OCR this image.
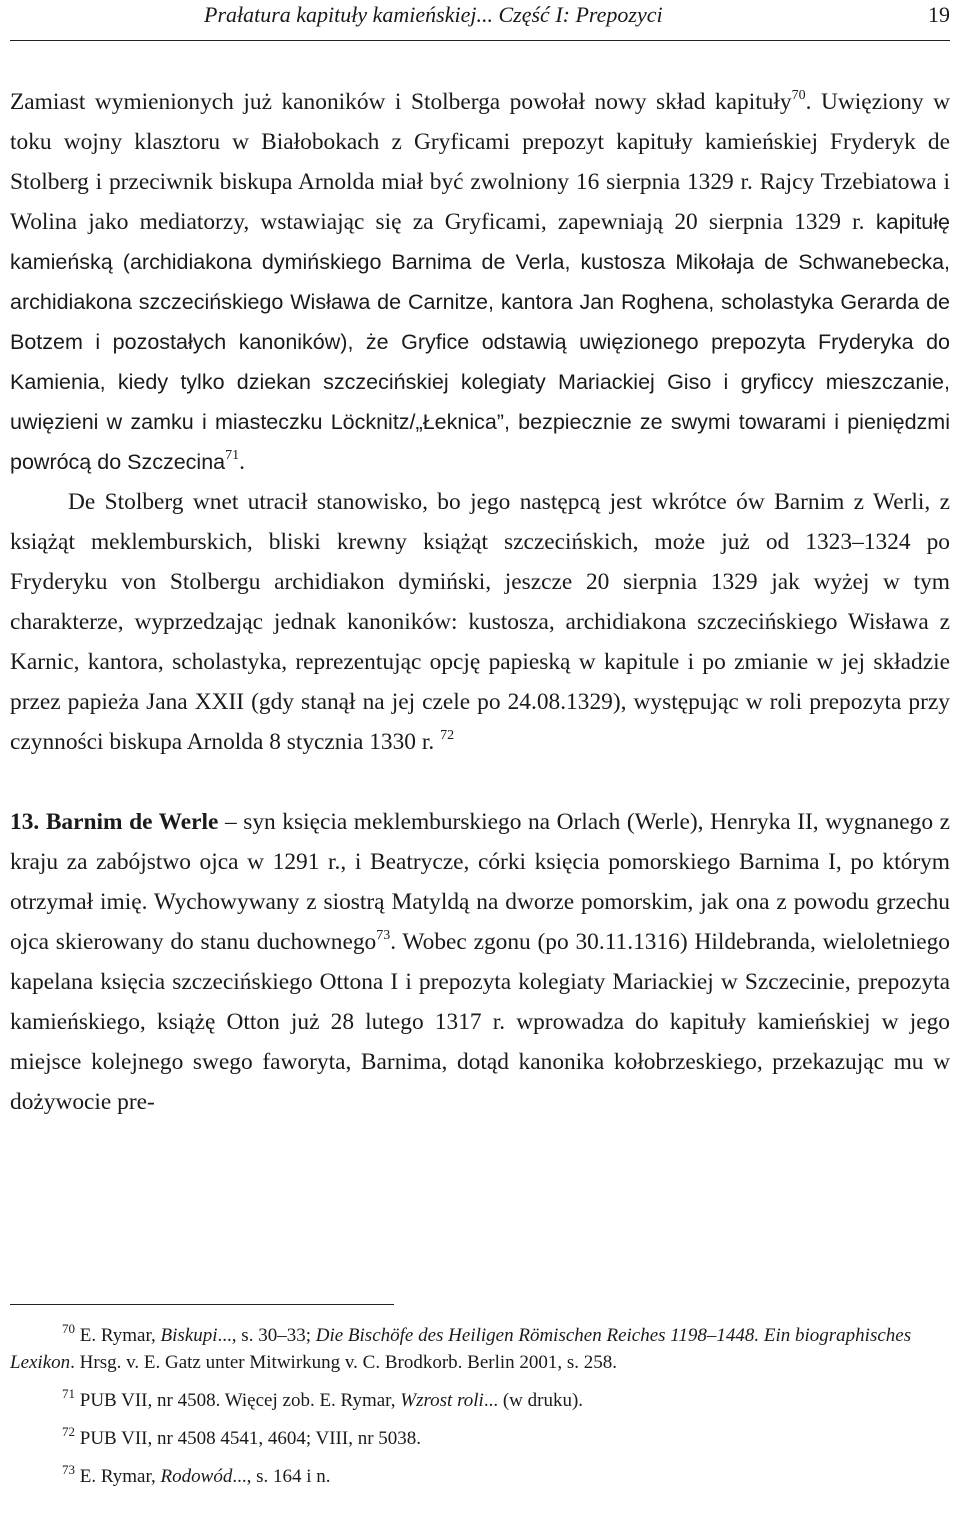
Prałatura kapituły kamieńskiej... Część I: Prepozyci	19

Zamiast wymienionych już kanoników i Stolberga powołał nowy skład kapituły$^{70}$. Uwięziony w toku wojny klasztoru w Białobokach z Gryficami prepozyt kapituły kamieńskiej Fryderyk de Stolberg i przeciwnik biskupa Arnolda miał być zwolniony 16 sierpnia 1329 r. Rajcy Trzebiatowa i Wolina jako mediatorzy, wstawiając się za Gryficami, zapewniają 20 sierpnia 1329 r. kapitułę kamieńską (archidiakona dymińskiego Barnima de Verla, kustosza Mikołaja de Schwanebecka, archidiakona szczecińskiego Wisława de Carnitze, kantora Jan Roghena, scholastyka Gerarda de Botzem i pozostałych kanoników), że Gryfice odstawią uwięzionego prepozyta Fryderyka do Kamienia, kiedy tylko dziekan szczecińskiej kolegiaty Mariackiej Giso i gryficcy mieszczanie, uwięzieni w zamku i miasteczku Löcknitz/„Łeknica”, bezpiecznie ze swymi towarami i pieniędzmi powrócą do Szczecina$^{71}$.

De Stolberg wnet utracił stanowisko, bo jego następcą jest wkrótce ów Barnim z Werli, z książąt meklemburskich, bliski krewny książąt szczecińskich, może już od 1323–1324 po Fryderyku von Stolbergu archidiakon dymiński, jeszcze 20 sierpnia 1329 jak wyżej w tym charakterze, wyprzedzając jednak kanoników: kustosza, archidiakona szczecińskiego Wisława z Karnic, kantora, scholastyka, reprezentując opcję papieską w kapitule i po zmianie w jej składzie przez papieża Jana XXII (gdy stanął na jej czele po 24.08.1329), występując w roli prepozyta przy czynności biskupa Arnolda 8 stycznia 1330 r. $^{72}$

13. Barnim de Werle – syn księcia meklemburskiego na Orlach (Werle), Henryka II, wygnanego z kraju za zabójstwo ojca w 1291 r., i Beatrycze, córki księcia pomorskiego Barnima I, po którym otrzymał imię. Wychowywany z siostrą Matyldą na dworze pomorskim, jak ona z powodu grzechu ojca skierowany do stanu duchownego$^{73}$. Wobec zgonu (po 30.11.1316) Hildebranda, wieloletniego kapelana księcia szczecińskiego Ottona I i prepozyta kolegiaty Mariackiej w Szczecinie, prepozyta kamieńskiego, książę Otton już 28 lutego 1317 r. wprowadza do kapituły kamieńskiej w jego miejsce kolejnego swego faworyta, Barnima, dotąd kanonika kołobrzeskiego, przekazując mu w dożywocie pre-

$^{70}$ E. Rymar, Biskupi..., s. 30–33; Die Bischöfe des Heiligen Römischen Reiches 1198–1448. Ein biographisches Lexikon. Hrsg. v. E. Gatz unter Mitwirkung v. C. Brodkorb. Berlin 2001, s. 258.

$^{71}$ PUB VII, nr 4508. Więcej zob. E. Rymar, Wzrost roli... (w druku).

$^{72}$ PUB VII, nr 4508 4541, 4604; VIII, nr 5038.

$^{73}$ E. Rymar, Rodowód..., s. 164 i n.
